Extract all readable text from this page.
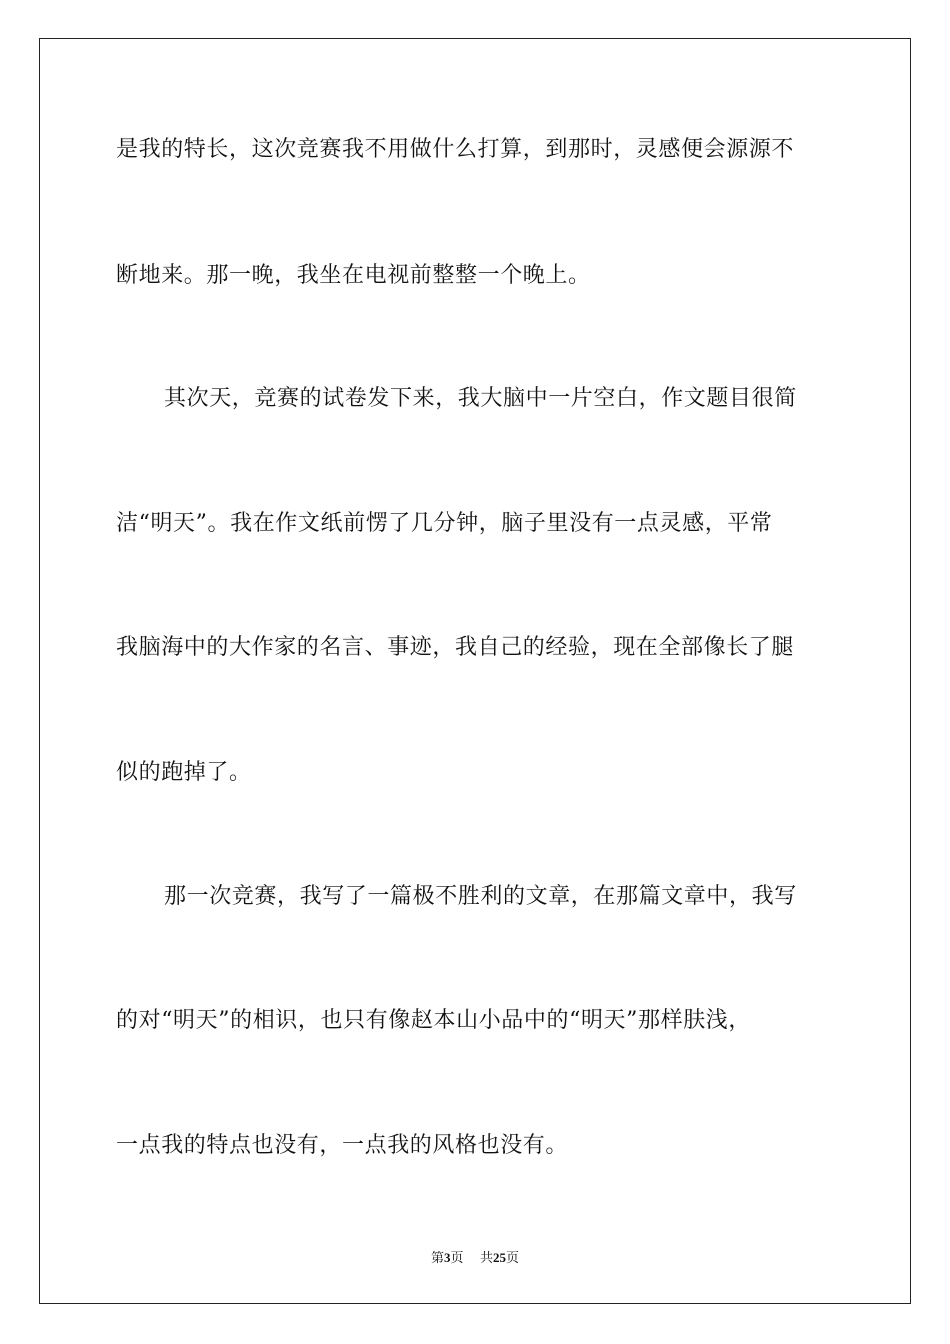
是我的特长，这次竞赛我不用做什么打算，到那时，灵感便会源源不
断地来。那一晚，我坐在电视前整整一个晚上。
其次天，竞赛的试卷发下来，我大脑中一片空白，作文题目很简
洁“明天”。我在作文纸前愣了几分钟，脑子里没有一点灵感，平常
我脑海中的大作家的名言、事迹，我自己的经验，现在全部像长了腿
似的跑掉了。
那一次竞赛，我写了一篇极不胜利的文章，在那篇文章中，我写
的对“明天”的相识，也只有像赵本山小品中的“明天”那样肤浅，
一点我的特点也没有，一点我的风格也没有。
第3页 共25页
